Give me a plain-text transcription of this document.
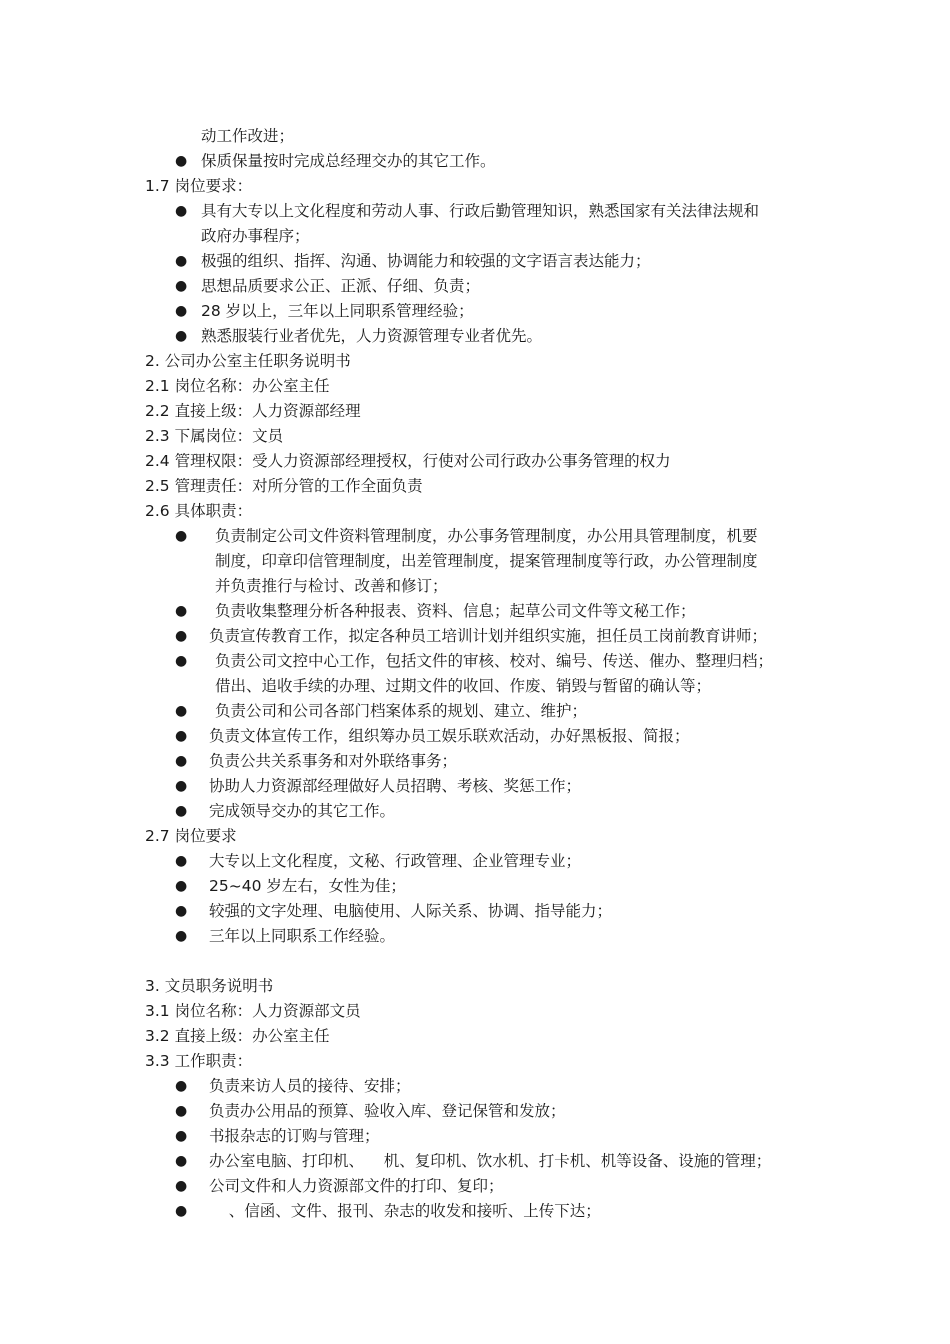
动工作改进；
● 保质保量按时完成总经理交办的其它工作。
1.7 岗位要求：
● 具有大专以上文化程度和劳动人事、行政后勤管理知识，熟悉国家有关法律法规和
政府办事程序；
● 极强的组织、指挥、沟通、协调能力和较强的文字语言表达能力；
● 思想品质要求公正、正派、仔细、负责；
● 28 岁以上，三年以上同职系管理经验；
● 熟悉服装行业者优先，人力资源管理专业者优先。
2. 公司办公室主任职务说明书
2.1 岗位名称：办公室主任
2.2 直接上级：人力资源部经理
2.3 下属岗位：文员
2.4 管理权限：受人力资源部经理授权，行使对公司行政办公事务管理的权力
2.5 管理责任：对所分管的工作全面负责
2.6 具体职责：
● 负责制定公司文件资料管理制度，办公事务管理制度，办公用具管理制度，机要
制度，印章印信管理制度，出差管理制度，提案管理制度等行政，办公管理制度
并负责推行与检讨、改善和修订；
● 负责收集整理分析各种报表、资料、信息；起草公司文件等文秘工作；
● 负责宣传教育工作，拟定各种员工培训计划并组织实施，担任员工岗前教育讲师；
● 负责公司文控中心工作，包括文件的审核、校对、编号、传送、催办、整理归档；
借出、追收手续的办理、过期文件的收回、作废、销毁与暂留的确认等；
● 负责公司和公司各部门档案体系的规划、建立、维护；
● 负责文体宣传工作，组织筹办员工娱乐联欢活动，办好黑板报、简报；
● 负责公共关系事务和对外联络事务；
● 协助人力资源部经理做好人员招聘、考核、奖惩工作；
● 完成领导交办的其它工作。
2.7 岗位要求
● 大专以上文化程度，文秘、行政管理、企业管理专业；
● 25~40 岁左右，女性为佳；
● 较强的文字处理、电脑使用、人际关系、协调、指导能力；
● 三年以上同职系工作经验。
3. 文员职务说明书
3.1 岗位名称：人力资源部文员
3.2 直接上级：办公室主任
3.3 工作职责：
● 负责来访人员的接待、安排；
● 负责办公用品的预算、验收入库、登记保管和发放；
● 书报杂志的订购与管理；
● 办公室电脑、打印机、    机、复印机、饮水机、打卡机、机等设备、设施的管理；
● 公司文件和人力资源部文件的打印、复印；
● 、信函、文件、报刊、杂志的收发和接听、上传下达；
